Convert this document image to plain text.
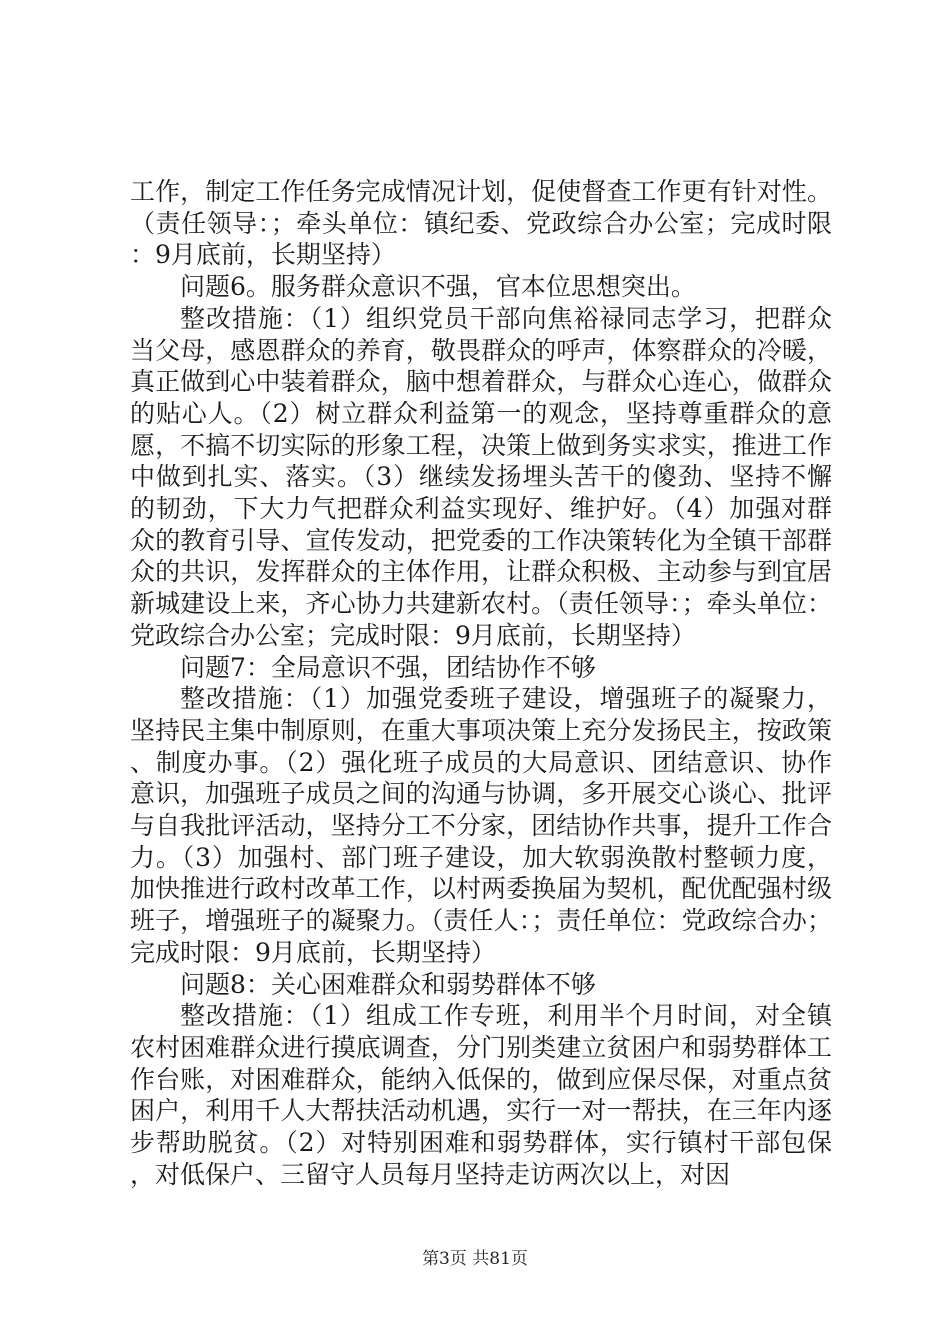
工作，制定工作任务完成情况计划，促使督查工作更有针对性。（责任领导：；牵头单位：镇纪委、党政综合办公室；完成时限：9月底前，长期坚持）

问题6。服务群众意识不强，官本位思想突出。

整改措施：（1）组织党员干部向焦裕禄同志学习，把群众当父母，感恩群众的养育，敬畏群众的呼声，体察群众的冷暖，真正做到心中装着群众，脑中想着群众，与群众心连心，做群众的贴心人。（2）树立群众利益第一的观念，坚持尊重群众的意愿，不搞不切实际的形象工程，决策上做到务实求实，推进工作中做到扎实、落实。（3）继续发扬埋头苦干的傻劲、坚持不懈的韧劲，下大力气把群众利益实现好、维护好。（4）加强对群众的教育引导、宣传发动，把党委的工作决策转化为全镇干部群众的共识，发挥群众的主体作用，让群众积极、主动参与到宜居新城建设上来，齐心协力共建新农村。（责任领导：；牵头单位：党政综合办公室；完成时限：9月底前，长期坚持）

问题7：全局意识不强，团结协作不够

整改措施：（1）加强党委班子建设，增强班子的凝聚力，坚持民主集中制原则，在重大事项决策上充分发扬民主，按政策、制度办事。（2）强化班子成员的大局意识、团结意识、协作意识，加强班子成员之间的沟通与协调，多开展交心谈心、批评与自我批评活动，坚持分工不分家，团结协作共事，提升工作合力。（3）加强村、部门班子建设，加大软弱涣散村整顿力度，加快推进行政村改革工作，以村两委换届为契机，配优配强村级班子，增强班子的凝聚力。（责任人：；责任单位：党政综合办；完成时限：9月底前，长期坚持）

问题8：关心困难群众和弱势群体不够

整改措施：（1）组成工作专班，利用半个月时间，对全镇农村困难群众进行摸底调查，分门别类建立贫困户和弱势群体工作台账，对困难群众，能纳入低保的，做到应保尽保，对重点贫困户，利用千人大帮扶活动机遇，实行一对一帮扶，在三年内逐步帮助脱贫。（2）对特别困难和弱势群体，实行镇村干部包保，对低保户、三留守人员每月坚持走访两次以上，对因

第3页 共81页
